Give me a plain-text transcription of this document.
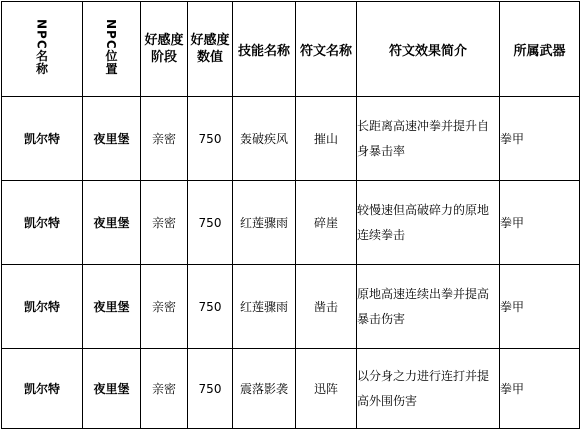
NPC名称	NPC位置	好感度阶段	好感度数值	技能名称	符文名称	符文效果简介	所属武器
凯尔特	夜里堡	亲密	750	轰破疾风	摧山	长距离高速冲拳并提升自身暴击率	拳甲
凯尔特	夜里堡	亲密	750	红莲骤雨	碎崖	较慢速但高破碎力的原地连续拳击	拳甲
凯尔特	夜里堡	亲密	750	红莲骤雨	凿击	原地高速连续出拳并提高暴击伤害	拳甲
凯尔特	夜里堡	亲密	750	震落影袭	迅阵	以分身之力进行连打并提高外围伤害	拳甲
